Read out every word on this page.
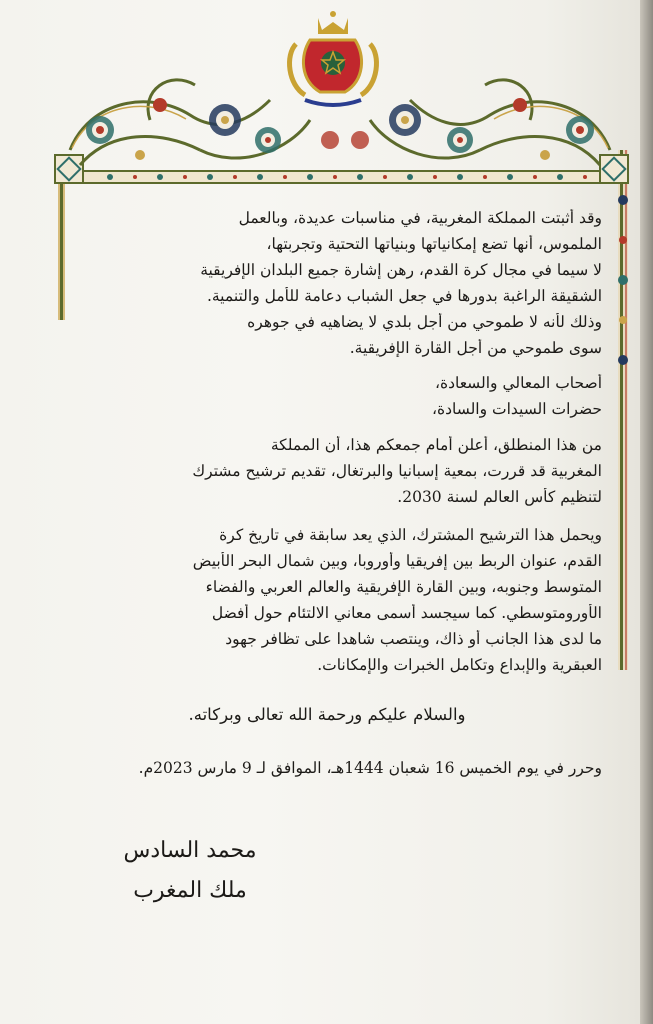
وقد أثبتت المملكة المغربية، في مناسبات عديدة، وبالعمل
الملموس، أنها تضع إمكانياتها وبنياتها التحتية وتجربتها،
لا سيما في مجال كرة القدم، رهن إشارة جميع البلدان الإفريقية
الشقيقة الراغبة بدورها في جعل الشباب دعامة للأمل والتنمية.
وذلك لأنه لا طموحي من أجل بلدي لا يضاهيه في جوهره
سوى طموحي من أجل القارة الإفريقية.
أصحاب المعالي والسعادة،
حضرات السيدات والسادة،
من هذا المنطلق، أعلن أمام جمعكم هذا، أن المملكة
المغربية قد قررت، بمعية إسبانيا والبرتغال، تقديم ترشيح مشترك
لتنظيم كأس العالم لسنة 2030.
ويحمل هذا الترشيح المشترك، الذي يعد سابقة في تاريخ كرة
القدم، عنوان الربط بين إفريقيا وأوروبا، وبين شمال البحر الأبيض
المتوسط وجنوبه، وبين القارة الإفريقية والعالم العربي والفضاء
الأورومتوسطي. كما سيجسد أسمى معاني الالتئام حول أفضل
ما لدى هذا الجانب أو ذاك، وينتصب شاهدا على تظافر جهود
العبقرية والإبداع وتكامل الخبرات والإمكانات.
والسلام عليكم ورحمة الله تعالى وبركاته.
وحرر في يوم الخميس 16 شعبان 1444هـ، الموافق لـ 9 مارس 2023م.
محمد السادس
ملك المغرب
